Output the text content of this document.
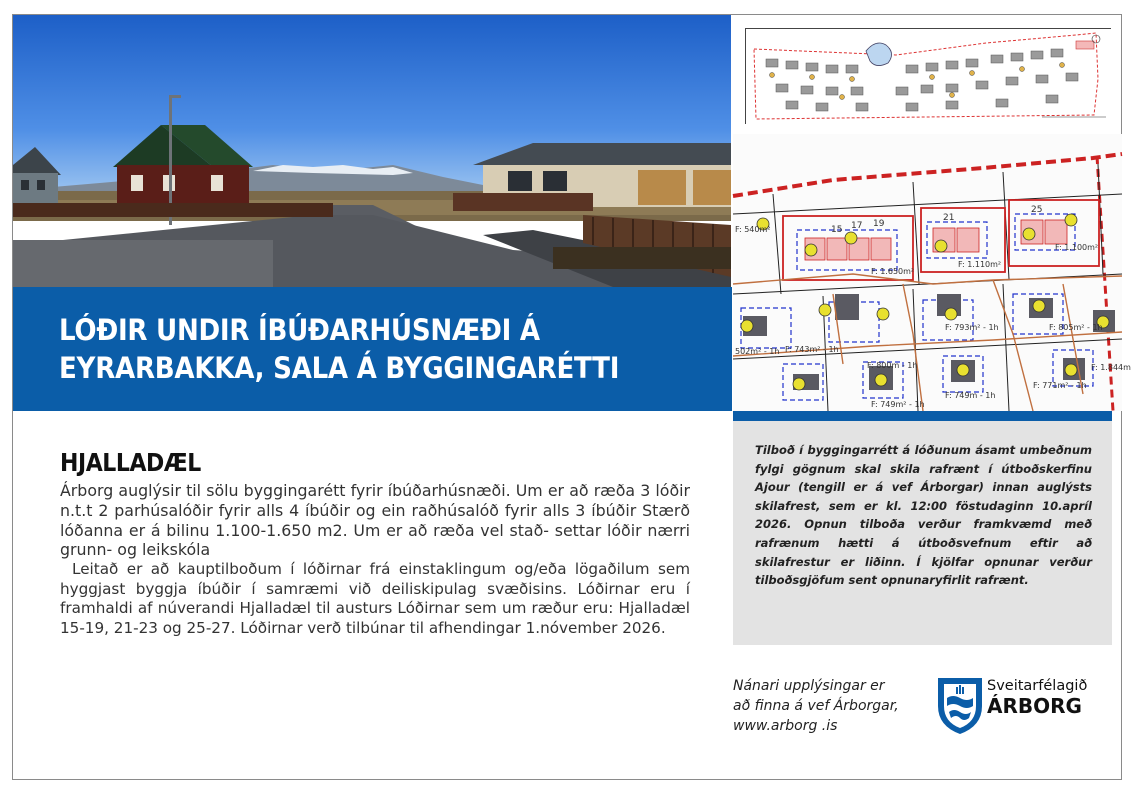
LÓÐIR UNDIR ÍBÚÐARHÚSNÆÐI Á
EYRARBAKKA, SALA Á BYGGINGARÉTTI
F: 1.650m²
F: 1.110m²
F: 1.100m²
F: 743m² - 1h
F: 793m² - 1h	F: 805m² - 1h
F: 800m - 1h
F: 771m² - 1h
F: 749m² - 1h
F: 749m - 1h
F: 1.844m
F: 540m²
502m² - 1h
15 17 19
21
25

Tilboð í byggingarrétt á lóðunum ásamt umbeðnum fylgi gögnum skal skila rafrænt í útboðskerfinu Ajour (tengill er á vef Árborgar) innan auglýsts skilafrest, sem er kl. 12:00 föstudaginn 10.apríl 2026. Opnun tilboða verður framkvæmd með rafrænum hætti á útboðsvefnum eftir að skilafrestur er liðinn. Í kjölfar opnunar verður tilboðsgjöfum sent opnunaryfirlit rafrænt.

HJALLADÆL

Árborg auglýsir til sölu byggingarétt fyrir íbúðarhúsnæði. Um er að ræða 3 lóðir n.t.t 2 parhúsalóðir fyrir alls 4 íbúðir og ein raðhúsalóð fyrir alls 3 íbúðir Stærð lóðanna er á bilinu 1.100-1.650 m2. Um er að ræða vel stað- settar lóðir nærri grunn- og leikskóla

Leitað er að kauptilboðum í lóðirnar frá einstaklingum og/eða lögaðilum sem hyggjast byggja íbúðir í samræmi við deiliskipulag svæðisins. Lóðirnar eru í framhaldi af núverandi Hjalladæl til austurs Lóðirnar sem um ræður eru: Hjalladæl 15-19, 21-23 og 25-27. Lóðirnar verð tilbúnar til afhendingar 1.nóvember 2026.

Nánari upplýsingar er
að finna á vef Árborgar,
www.arborg .is
Sveitarfélagið
ÁRBORG
